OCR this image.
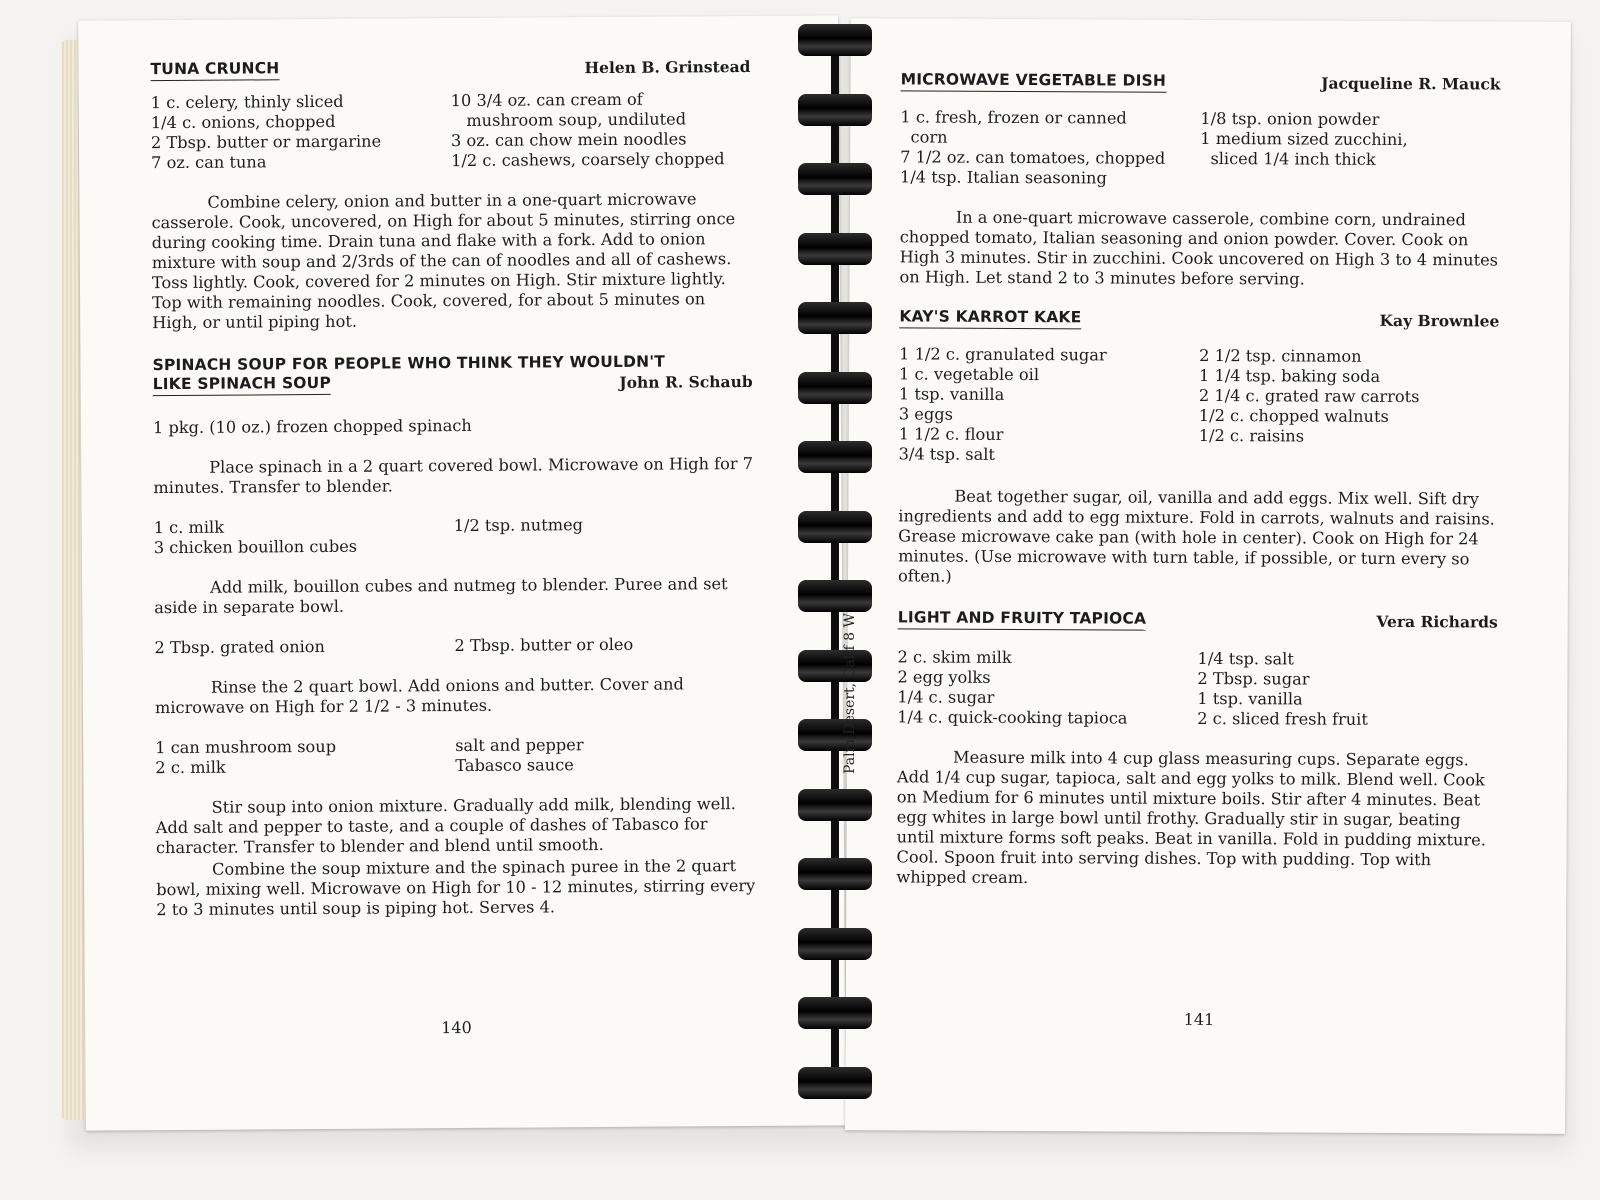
TUNA CRUNCH	Helen B. Grinstead
1 c. celery, thinly sliced
1/4 c. onions, chopped
2 Tbsp. butter or margarine
7 oz. can tuna
10 3/4 oz. can cream of
mushroom soup, undiluted
3 oz. can chow mein noodles
1/2 c. cashews, coarsely chopped
Combine celery, onion and butter in a one-quart microwave casserole. Cook, uncovered, on High for about 5 minutes, stirring once during cooking time. Drain tuna and flake with a fork. Add to onion mixture with soup and 2/3rds of the can of noodles and all of cashews. Toss lightly. Cook, covered for 2 minutes on High. Stir mixture lightly. Top with remaining noodles. Cook, covered, for about 5 minutes on High, or until piping hot.
SPINACH SOUP FOR PEOPLE WHO THINK THEY WOULDN'T
LIKE SPINACH SOUP	John R. Schaub
1 pkg. (10 oz.) frozen chopped spinach
Place spinach in a 2 quart covered bowl. Microwave on High for 7 minutes. Transfer to blender.
1 c. milk
3 chicken bouillon cubes
1/2 tsp. nutmeg
Add milk, bouillon cubes and nutmeg to blender. Puree and set aside in separate bowl.
2 Tbsp. grated onion	2 Tbsp. butter or oleo
Rinse the 2 quart bowl. Add onions and butter. Cover and microwave on High for 2 1/2 - 3 minutes.
1 can mushroom soup
2 c. milk
salt and pepper
Tabasco sauce
Stir soup into onion mixture. Gradually add milk, blending well. Add salt and pepper to taste, and a couple of dashes of Tabasco for character. Transfer to blender and blend until smooth.
Combine the soup mixture and the spinach puree in the 2 quart bowl, mixing well. Microwave on High for 10 - 12 minutes, stirring every 2 to 3 minutes until soup is piping hot. Serves 4.
140
MICROWAVE VEGETABLE DISH	Jacqueline R. Mauck
1 c. fresh, frozen or canned
corn
7 1/2 oz. can tomatoes, chopped
1/4 tsp. Italian seasoning
1/8 tsp. onion powder
1 medium sized zucchini,
sliced 1/4 inch thick
In a one-quart microwave casserole, combine corn, undrained chopped tomato, Italian seasoning and onion powder. Cover. Cook on High 3 minutes. Stir in zucchini. Cook uncovered on High 3 to 4 minutes on High. Let stand 2 to 3 minutes before serving.
KAY'S KARROT KAKE	Kay Brownlee
1 1/2 c. granulated sugar
1 c. vegetable oil
1 tsp. vanilla
3 eggs
1 1/2 c. flour
3/4 tsp. salt
2 1/2 tsp. cinnamon
1 1/4 tsp. baking soda
2 1/4 c. grated raw carrots
1/2 c. chopped walnuts
1/2 c. raisins
Beat together sugar, oil, vanilla and add eggs. Mix well. Sift dry ingredients and add to egg mixture. Fold in carrots, walnuts and raisins. Grease microwave cake pan (with hole in center). Cook on High for 24 minutes. (Use microwave with turn table, if possible, or turn every so often.)
LIGHT AND FRUITY TAPIOCA	Vera Richards
2 c. skim milk
2 egg yolks
1/4 c. sugar
1/4 c. quick-cooking tapioca
1/4 tsp. salt
2 Tbsp. sugar
1 tsp. vanilla
2 c. sliced fresh fruit
Measure milk into 4 cup glass measuring cups. Separate eggs. Add 1/4 cup sugar, tapioca, salt and egg yolks to milk. Blend well. Cook on Medium for 6 minutes until mixture boils. Stir after 4 minutes. Beat egg whites in large bowl until frothy. Gradually stir in sugar, beating until mixture forms soft peaks. Beat in vanilla. Fold in pudding mixture. Cool. Spoon fruit into serving dishes. Top with pudding. Top with whipped cream.
141
Palm Desert, Calif 8 W
